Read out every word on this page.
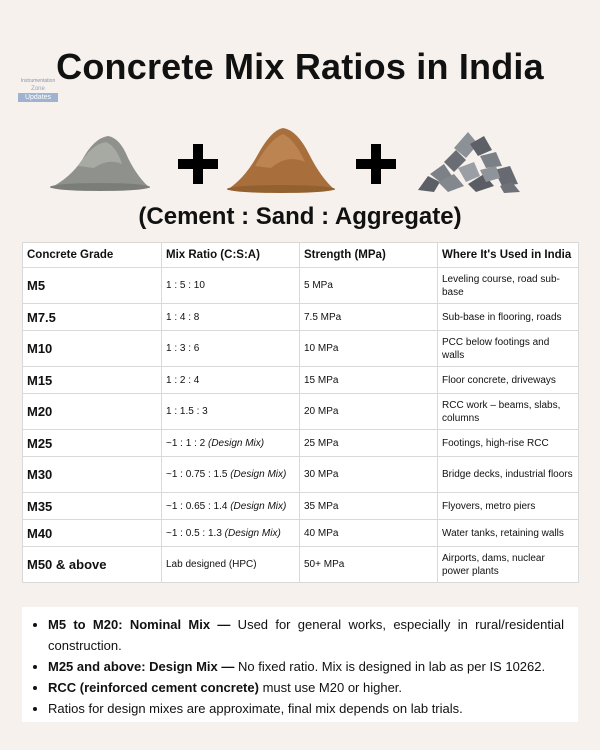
Concrete Mix Ratios in India
Instrumentation
Zone
Updates
(Cement : Sand : Aggregate)
Concrete Grade	Mix Ratio (C:S:A)	Strength (MPa)	Where It's Used in India
M5	1 : 5 : 10	5 MPa	Leveling course, road sub-base
M7.5	1 : 4 : 8	7.5 MPa	Sub-base in flooring, roads
M10	1 : 3 : 6	10 MPa	PCC below footings and walls
M15	1 : 2 : 4	15 MPa	Floor concrete, driveways
M20	1 : 1.5 : 3	20 MPa	RCC work – beams, slabs, columns
M25	~1 : 1 : 2 (Design Mix)	25 MPa	Footings, high-rise RCC
M30	~1 : 0.75 : 1.5 (Design Mix)	30 MPa	Bridge decks, industrial floors
M35	~1 : 0.65 : 1.4 (Design Mix)	35 MPa	Flyovers, metro piers
M40	~1 : 0.5 : 1.3 (Design Mix)	40 MPa	Water tanks, retaining walls
M50 & above	Lab designed (HPC)	50+ MPa	Airports, dams, nuclear power plants
• M5 to M20: Nominal Mix — Used for general works, especially in rural/residential construction.
• M25 and above: Design Mix — No fixed ratio. Mix is designed in lab as per IS 10262.
• RCC (reinforced cement concrete) must use M20 or higher.
• Ratios for design mixes are approximate, final mix depends on lab trials.
